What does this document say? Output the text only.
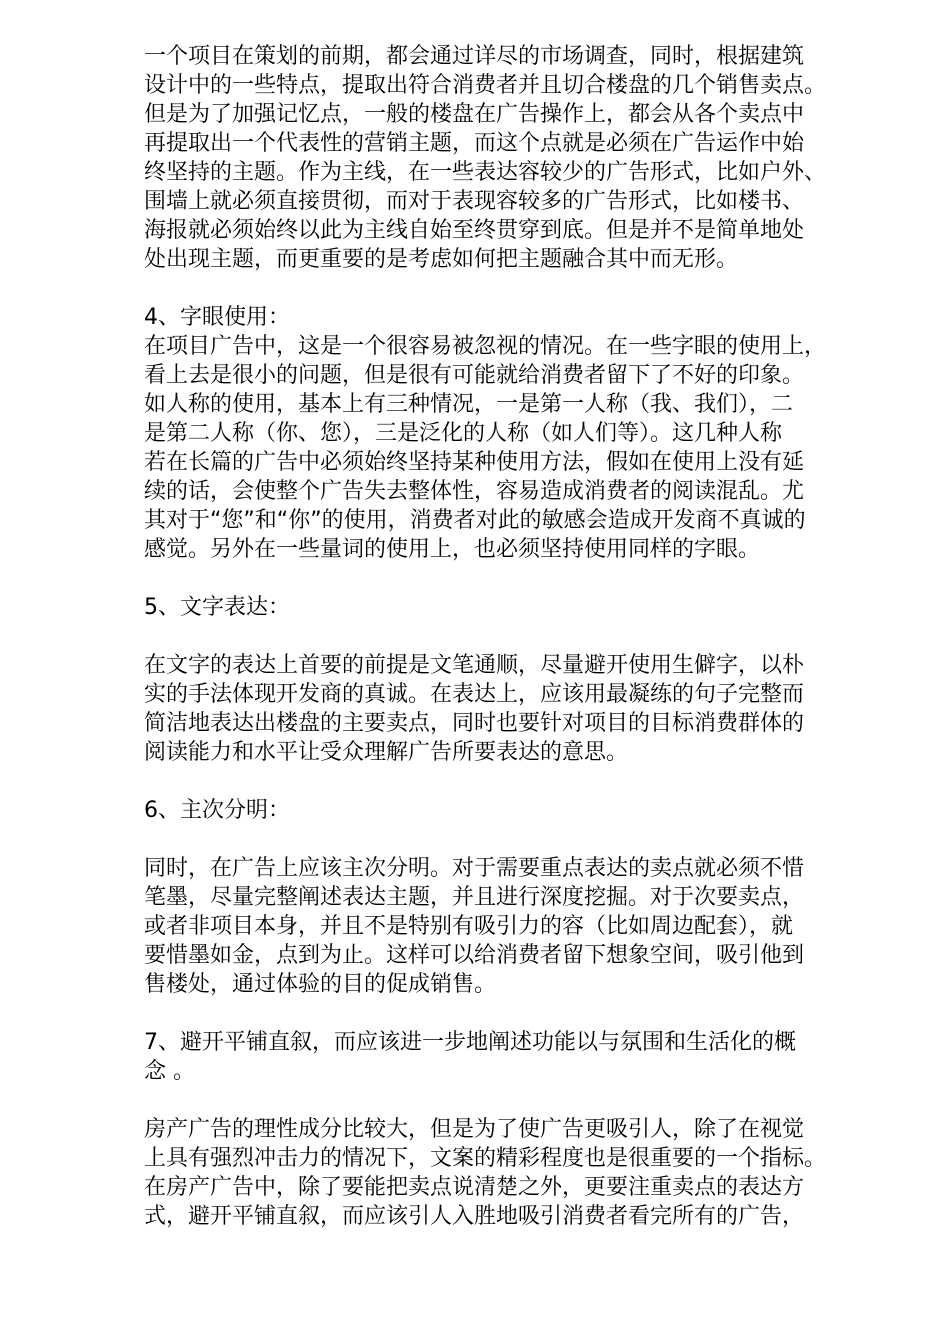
一个项目在策划的前期，都会通过详尽的市场调查，同时，根据建筑
设计中的一些特点，提取出符合消费者并且切合楼盘的几个销售卖点。
但是为了加强记忆点，一般的楼盘在广告操作上，都会从各个卖点中
再提取出一个代表性的营销主题，而这个点就是必须在广告运作中始
终坚持的主题。作为主线，在一些表达容较少的广告形式，比如户外、
围墙上就必须直接贯彻，而对于表现容较多的广告形式，比如楼书、
海报就必须始终以此为主线自始至终贯穿到底。但是并不是简单地处
处出现主题，而更重要的是考虑如何把主题融合其中而无形。
4、字眼使用：
在项目广告中，这是一个很容易被忽视的情况。在一些字眼的使用上，
看上去是很小的问题，但是很有可能就给消费者留下了不好的印象。
如人称的使用，基本上有三种情况，一是第一人称（我、我们），二
是第二人称（你、您），三是泛化的人称（如人们等）。这几种人称
若在长篇的广告中必须始终坚持某种使用方法，假如在使用上没有延
续的话，会使整个广告失去整体性，容易造成消费者的阅读混乱。尤
其对于“您”和“你”的使用，消费者对此的敏感会造成开发商不真诚的
感觉。另外在一些量词的使用上，也必须坚持使用同样的字眼。
5、文字表达：
在文字的表达上首要的前提是文笔通顺，尽量避开使用生僻字，以朴
实的手法体现开发商的真诚。在表达上，应该用最凝练的句子完整而
简洁地表达出楼盘的主要卖点，同时也要针对项目的目标消费群体的
阅读能力和水平让受众理解广告所要表达的意思。
6、主次分明：
同时，在广告上应该主次分明。对于需要重点表达的卖点就必须不惜
笔墨，尽量完整阐述表达主题，并且进行深度挖掘。对于次要卖点，
或者非项目本身，并且不是特别有吸引力的容（比如周边配套），就
要惜墨如金，点到为止。这样可以给消费者留下想象空间，吸引他到
售楼处，通过体验的目的促成销售。
7、避开平铺直叙，而应该进一步地阐述功能以与氛围和生活化的概
念 。
房产广告的理性成分比较大，但是为了使广告更吸引人，除了在视觉
上具有强烈冲击力的情况下，文案的精彩程度也是很重要的一个指标。
在房产广告中，除了要能把卖点说清楚之外，更要注重卖点的表达方
式，避开平铺直叙，而应该引人入胜地吸引消费者看完所有的广告，
